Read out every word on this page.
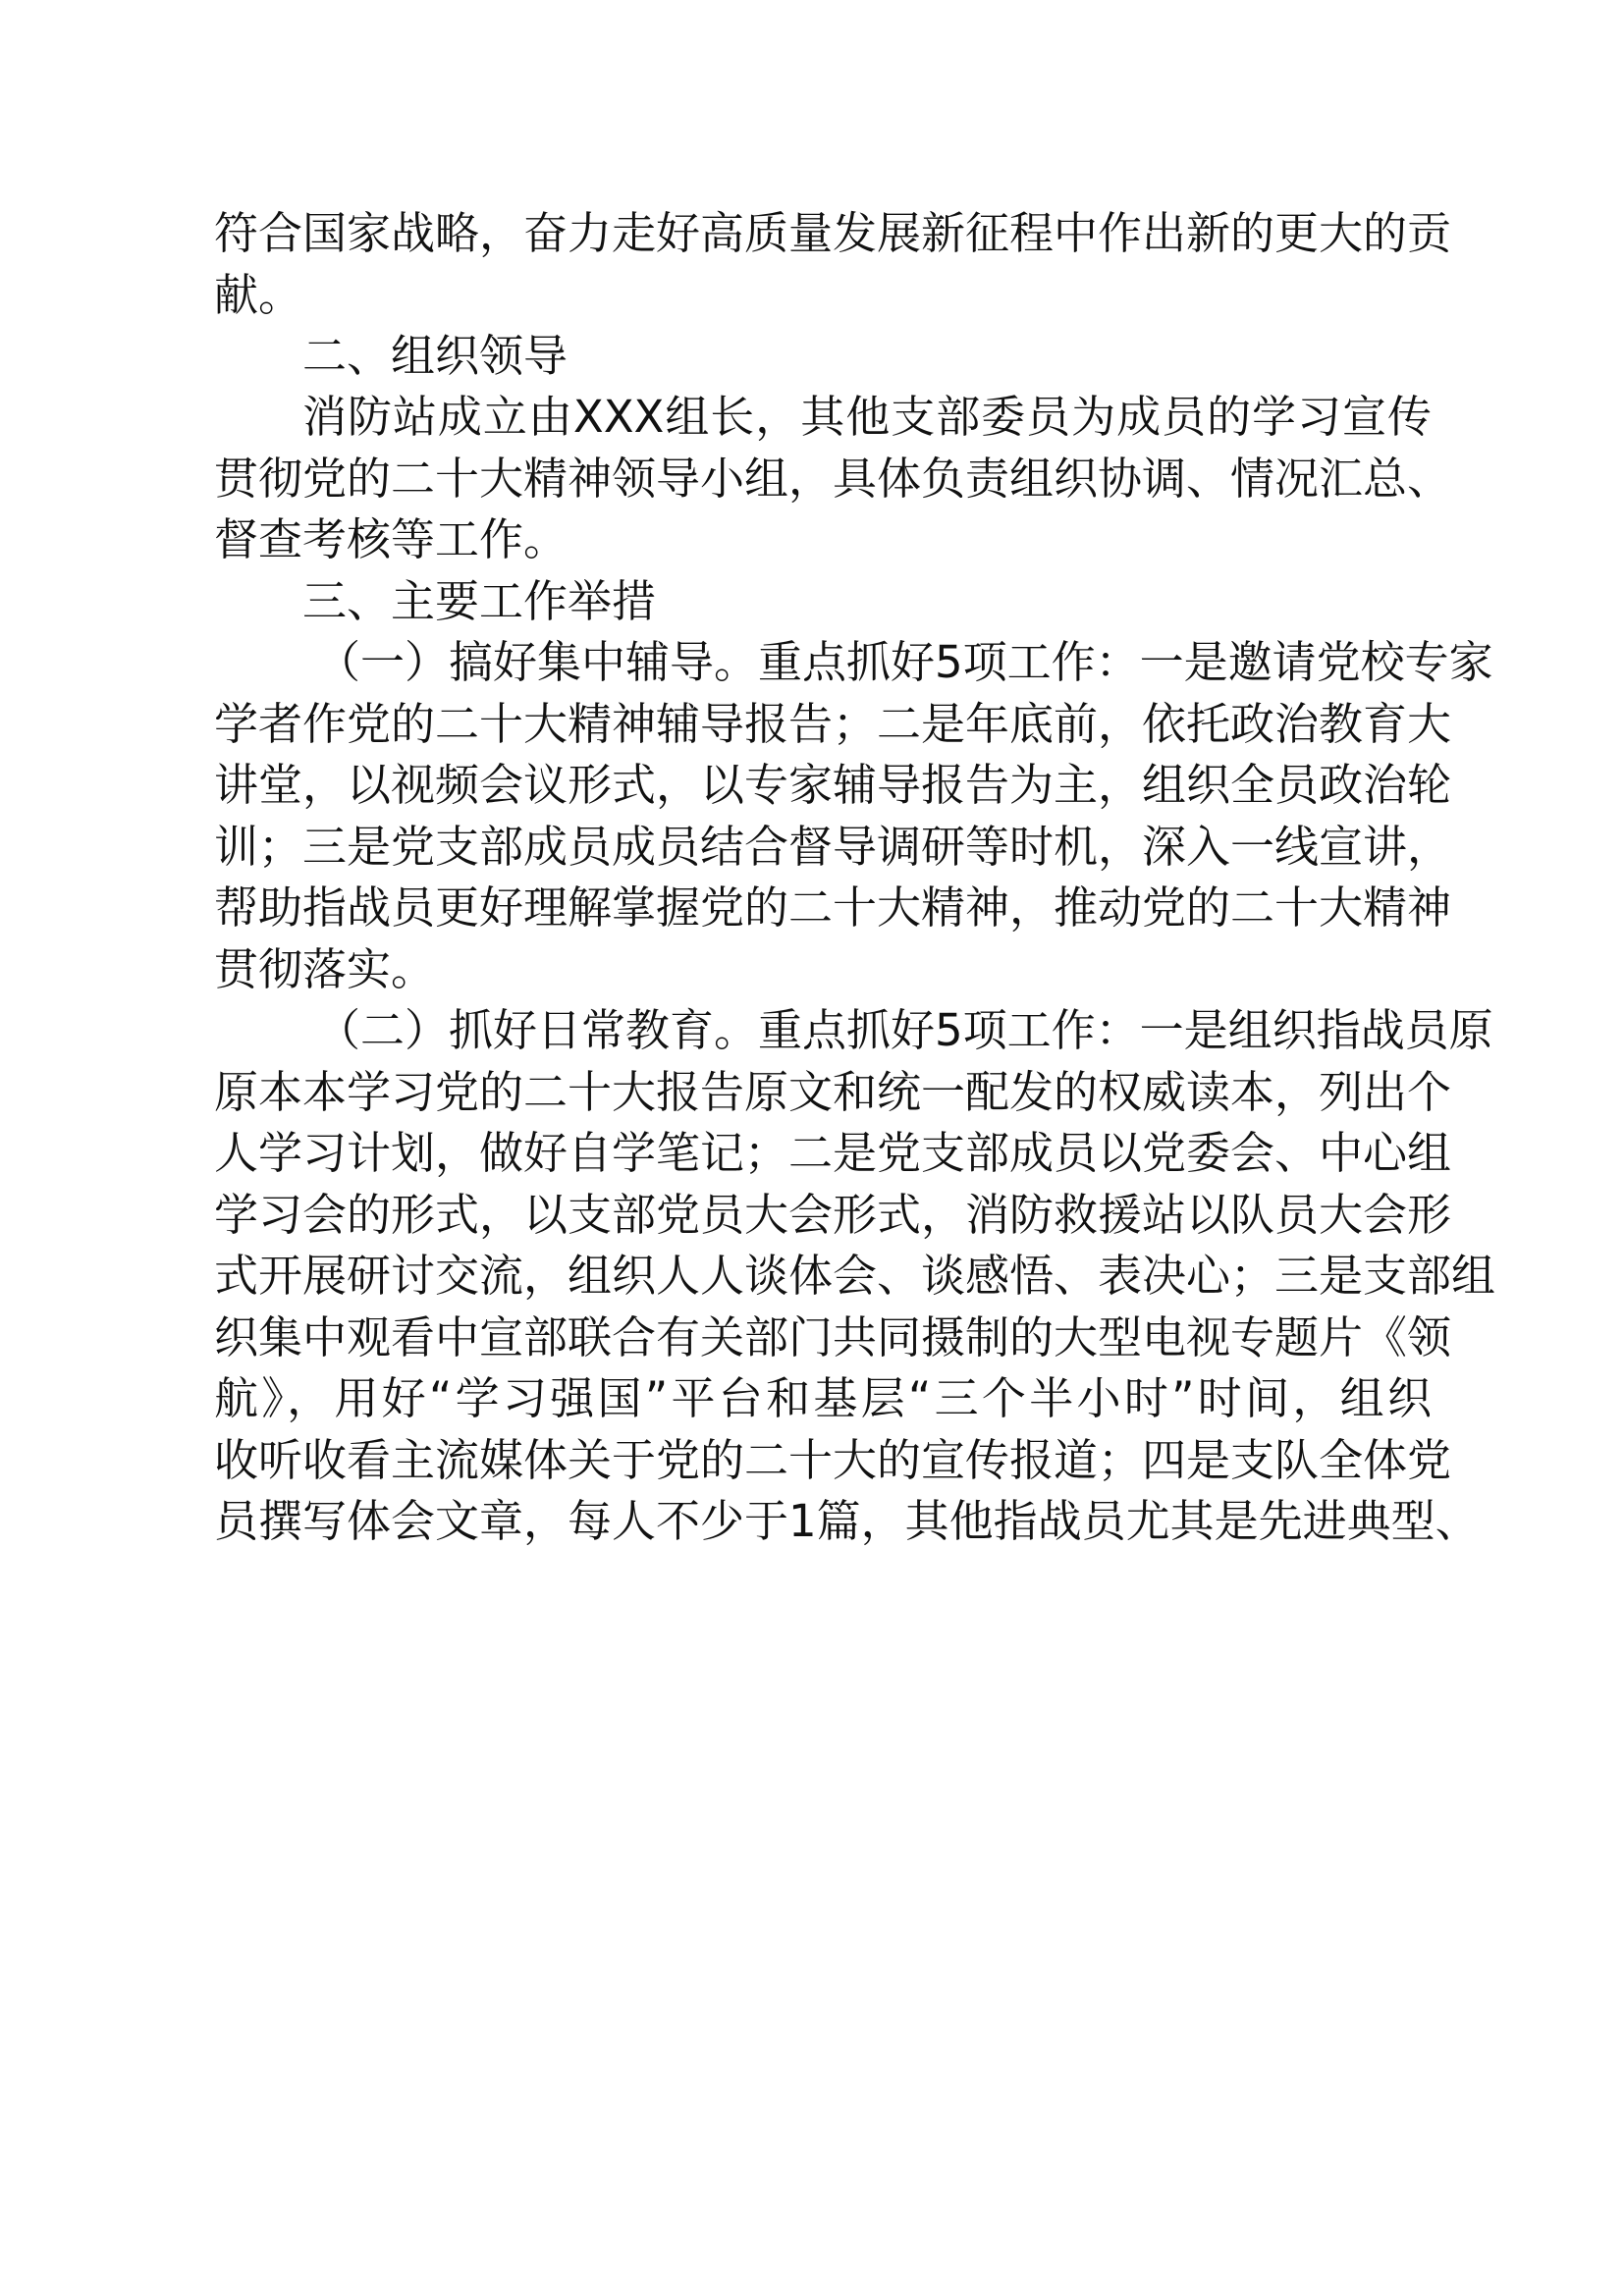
符合国家战略，奋力走好高质量发展新征程中作出新的更大的贡
献。
二、组织领导
消防站成立由XXX组长，其他支部委员为成员的学习宣传
贯彻党的二十大精神领导小组，具体负责组织协调、情况汇总、
督查考核等工作。
三、主要工作举措
（一）搞好集中辅导。重点抓好5项工作：一是邀请党校专家
学者作党的二十大精神辅导报告；二是年底前，依托政治教育大
讲堂，以视频会议形式，以专家辅导报告为主，组织全员政治轮
训；三是党支部成员成员结合督导调研等时机，深入一线宣讲，
帮助指战员更好理解掌握党的二十大精神，推动党的二十大精神
贯彻落实。
（二）抓好日常教育。重点抓好5项工作：一是组织指战员原
原本本学习党的二十大报告原文和统一配发的权威读本，列出个
人学习计划，做好自学笔记；二是党支部成员以党委会、中心组
学习会的形式，以支部党员大会形式，消防救援站以队员大会形
式开展研讨交流，组织人人谈体会、谈感悟、表决心；三是支部组
织集中观看中宣部联合有关部门共同摄制的大型电视专题片《领
航》，用好“学习强国”平台和基层“三个半小时”时间，组织
收听收看主流媒体关于党的二十大的宣传报道；四是支队全体党
员撰写体会文章，每人不少于1篇，其他指战员尤其是先进典型、
